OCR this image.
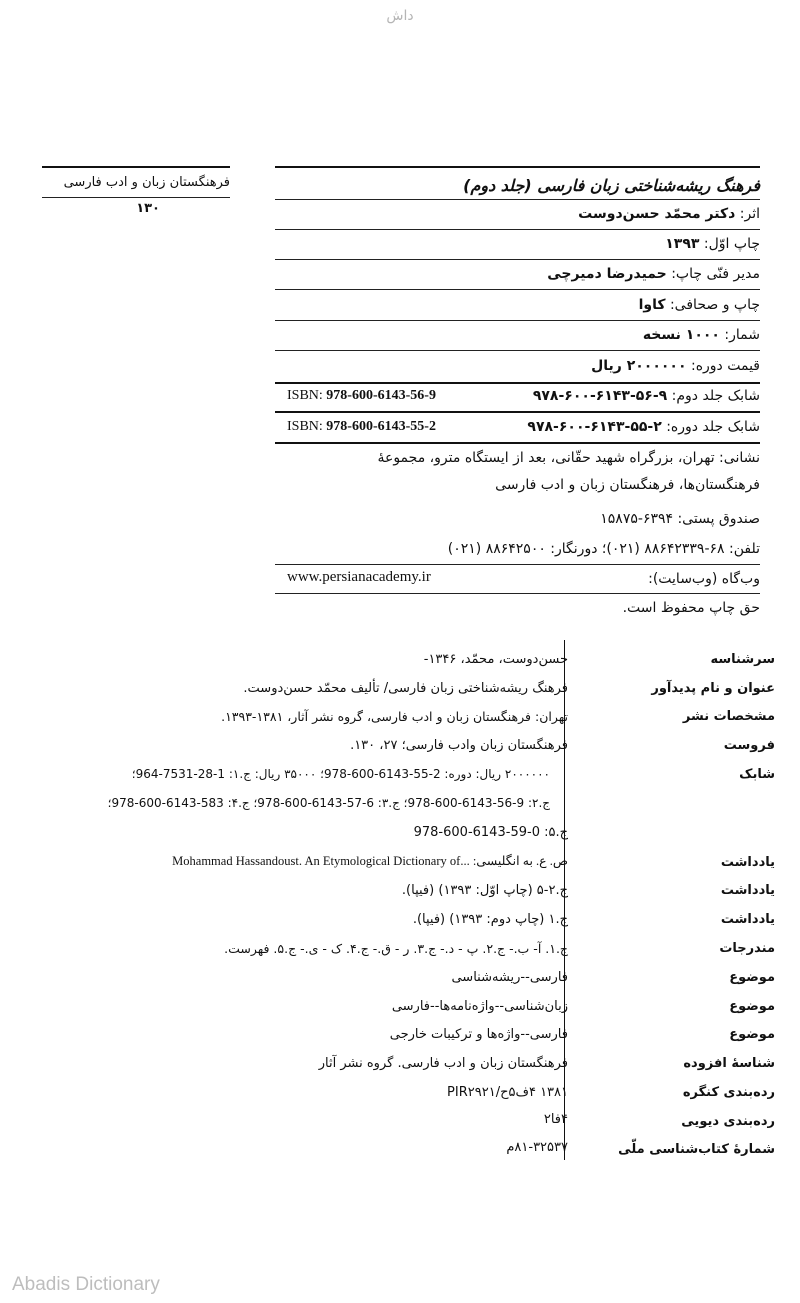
داش
فرهنگستان زبان و ادب فارسی
۱۳۰
فرهنگ ریشه‌شناختی زبان فارسی (جلد دوم)
اثر: دکتر محمّد حسن‌دوست
چاپ اوّل: ۱۳۹۳
مدیر فنّی چاپ: حمیدرضا دمیرچی
چاپ و صحافی: کاوا
شمار: ۱۰۰۰ نسخه
قیمت دوره: ۲۰۰۰۰۰۰ ریال
شابک جلد دوم: ۹-۵۶-۶۱۴۳-۶۰۰-۹۷۸
ISBN: 978-600-6143-56-9
شابک جلد دوره: ۲-۵۵-۶۱۴۳-۶۰۰-۹۷۸
ISBN: 978-600-6143-55-2
نشانی: تهران، بزرگراه شهید حقّانی، بعد از ایستگاه مترو، مجموعهٔ
فرهنگستان‌ها، فرهنگستان زبان و ادب فارسی
صندوق پستی: ۶۳۹۴-۱۵۸۷۵
تلفن: ۶۸-۸۸۶۴۲۳۳۹ (۰۲۱)؛ دورنگار: ۸۸۶۴۲۵۰۰ (۰۲۱)
وب‌گاه (وب‌سایت):
www.persianacademy.ir
حق چاپ محفوظ است.
سرشناسه
حسن‌دوست، محمّد، ۱۳۴۶-
عنوان و نام پدیدآور
فرهنگ ریشه‌شناختی زبان فارسی/ تألیف محمّد حسن‌دوست.
مشخصات نشر
تهران: فرهنگستان زبان و ادب فارسی، گروه نشر آثار، ۱۳۸۱-۱۳۹۳.
فروست
فرهنگستان زبان وادب فارسی؛ ۲۷، ۱۳۰.
شابک
۲۰۰۰۰۰۰ ریال: دوره: 2-55-6143-600-978؛ ۳۵۰۰۰ ریال: ج.۱: 1-28-7531-964؛
ج.۲: 9-56-6143-600-978؛ ج.۳: 6-57-6143-600-978؛ ج.۴: 583-6143-600-978؛
ج.۵: 0-59-6143-600-978
یادداشت
ص. ع. به انگلیسی: ...Mohammad Hassandoust. An Etymological Dictionary of
یادداشت
ج.۲-۵ (چاپ اوّل: ۱۳۹۳) (فیپا).
یادداشت
ج.۱ (چاپ دوم: ۱۳۹۳) (فیپا).
مندرجات
ج.۱. آ- ب.- ج.۲. پ - د.- ج.۳. ر - ق.- ج.۴. ک - ی.- ج.۵. فهرست.
موضوع
فارسی--ریشه‌شناسی
موضوع
زبان‌شناسی--واژه‌نامه‌ها--فارسی
موضوع
فارسی--واژه‌ها و ترکیبات خارجی
شناسهٔ افزوده
فرهنگستان زبان و ادب فارسی. گروه نشر آثار
رده‌بندی کنگره
۱۳۸۱ ۴ف۵ح/PIR۲۹۲۱
رده‌بندی دیویی
۴فا۲
شمارهٔ کتاب‌شناسی ملّی
۸۱-۳۲۵۳۷م
Abadis Dictionary
